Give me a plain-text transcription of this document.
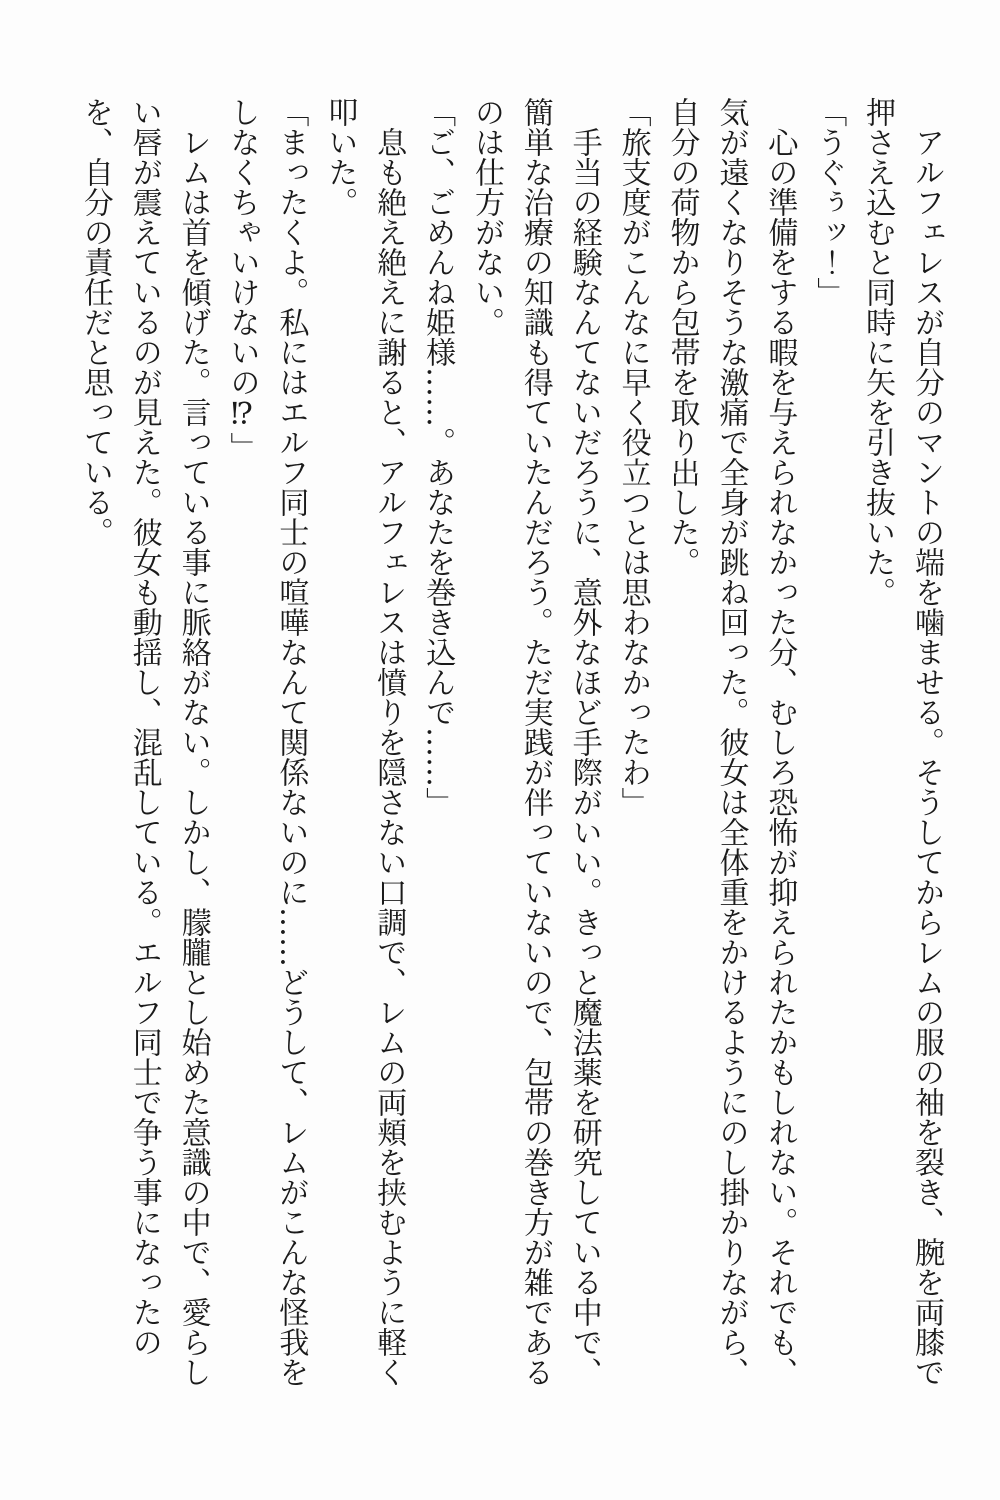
アルフェレスが自分のマントの端を噛ませる。そうしてからレムの服の袖を裂き、腕を両膝で押さえ込むと同時に矢を引き抜いた。

「うぐぅッ！」

心の準備をする暇を与えられなかった分、むしろ恐怖が抑えられたかもしれない。それでも、気が遠くなりそうな激痛で全身が跳ね回った。彼女は全体重をかけるようにのし掛かりながら、自分の荷物から包帯を取り出した。

「旅支度がこんなに早く役立つとは思わなかったわ」

手当の経験なんてないだろうに、意外なほど手際がいい。きっと魔法薬を研究している中で、簡単な治療の知識も得ていたんだろう。ただ実践が伴っていないので、包帯の巻き方が雑であるのは仕方がない。

「ご、ごめんね姫様……。あなたを巻き込んで……」

息も絶え絶えに謝ると、アルフェレスは憤りを隠さない口調で、レムの両頬を挟むように軽く叩いた。

「まったくよ。私にはエルフ同士の喧嘩なんて関係ないのに……どうして、レムがこんな怪我をしなくちゃいけないの⁉」

レムは首を傾げた。言っている事に脈絡がない。しかし、朦朧とし始めた意識の中で、愛らしい唇が震えているのが見えた。彼女も動揺し、混乱している。エルフ同士で争う事になったのを、自分の責任だと思っている。
